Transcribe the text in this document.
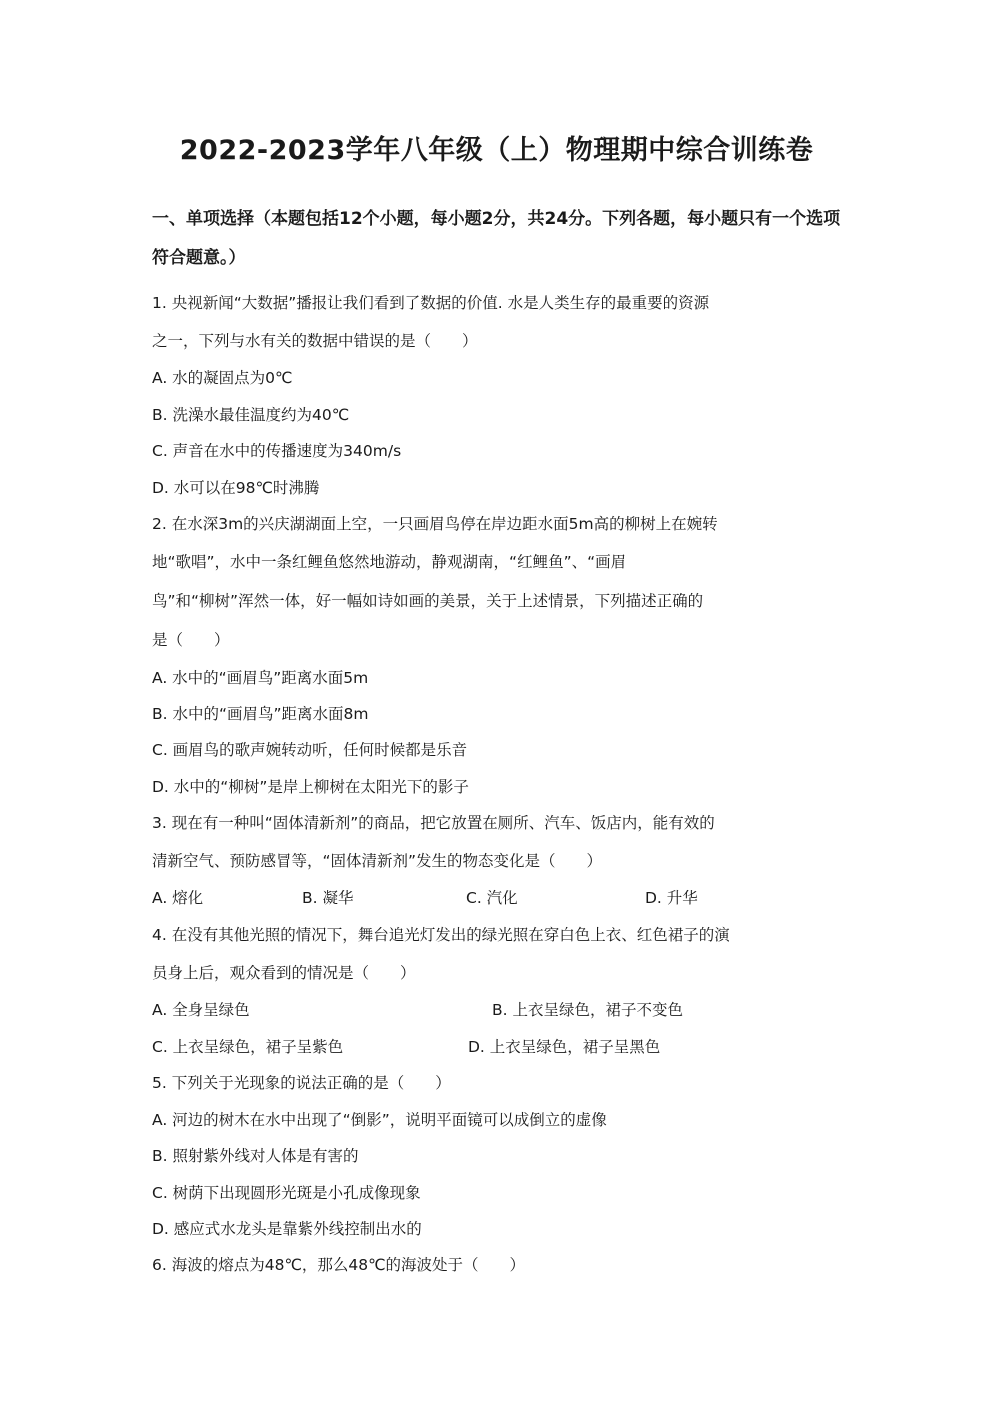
2022-2023学年八年级（上）物理期中综合训练卷
一、单项选择（本题包括12个小题，每小题2分，共24分。下列各题，每小题只有一个选项符合题意。）
1. 央视新闻“大数据”播报让我们看到了数据的价值. 水是人类生存的最重要的资源
之一，下列与水有关的数据中错误的是（　　）
A. 水的凝固点为0℃
B. 洗澡水最佳温度约为40℃
C. 声音在水中的传播速度为340m/s
D. 水可以在98℃时沸腾
2. 在水深3m的兴庆湖湖面上空，一只画眉鸟停在岸边距水面5m高的柳树上在婉转
地“歌唱”，水中一条红鲤鱼悠然地游动，静观湖南，“红鲤鱼”、“画眉
鸟”和“柳树”浑然一体，好一幅如诗如画的美景，关于上述情景，下列描述正确的
是（　　）
A. 水中的“画眉鸟”距离水面5m
B. 水中的“画眉鸟”距离水面8m
C. 画眉鸟的歌声婉转动听，任何时候都是乐音
D. 水中的“柳树”是岸上柳树在太阳光下的影子
3. 现在有一种叫“固体清新剂”的商品，把它放置在厕所、汽车、饭店内，能有效的
清新空气、预防感冒等，“固体清新剂”发生的物态变化是（　　）
A. 熔化	B. 凝华	C. 汽化	D. 升华
4. 在没有其他光照的情况下，舞台追光灯发出的绿光照在穿白色上衣、红色裙子的演
员身上后，观众看到的情况是（　　）
A. 全身呈绿色	B. 上衣呈绿色，裙子不变色
C. 上衣呈绿色，裙子呈紫色	D. 上衣呈绿色，裙子呈黑色
5. 下列关于光现象的说法正确的是（　　）
A. 河边的树木在水中出现了“倒影”，说明平面镜可以成倒立的虚像
B. 照射紫外线对人体是有害的
C. 树荫下出现圆形光斑是小孔成像现象
D. 感应式水龙头是靠紫外线控制出水的
6. 海波的熔点为48℃，那么48℃的海波处于（　　）
